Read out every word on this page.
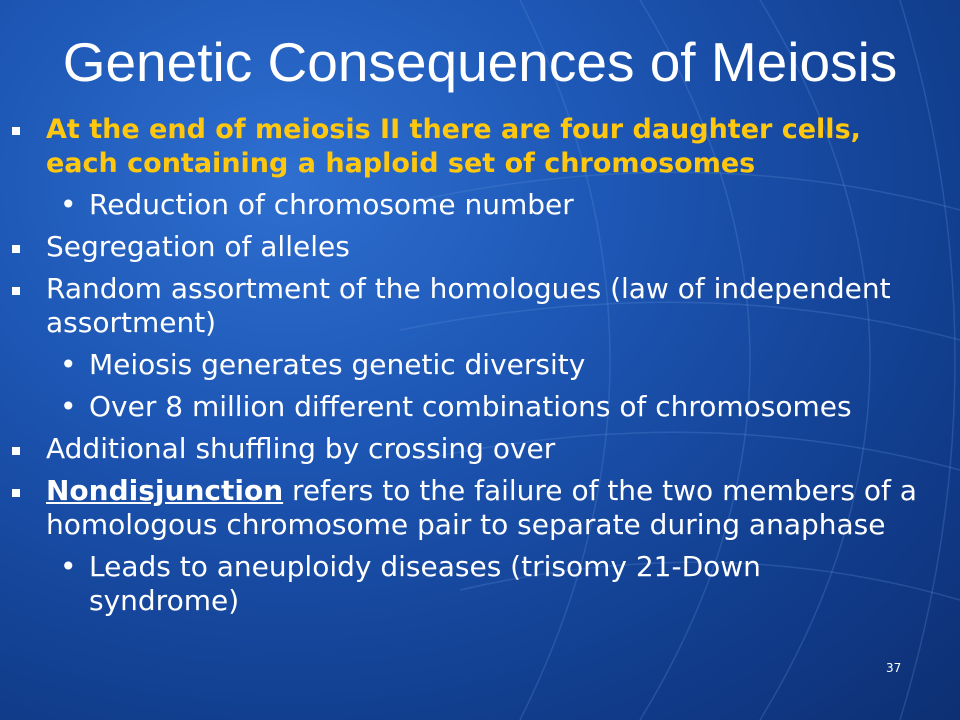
Genetic Consequences of Meiosis
At the end of meiosis II there are four daughter cells, each containing a haploid set of chromosomes
• Reduction of chromosome number
Segregation of alleles
Random assortment of the homologues (law of independent assortment)
• Meiosis generates genetic diversity
• Over 8 million different combinations of chromosomes
Additional shuffling by crossing over
Nondisjunction refers to the failure of the two members of a homologous chromosome pair to separate during anaphase
• Leads to aneuploidy diseases (trisomy 21-Down syndrome)
37
